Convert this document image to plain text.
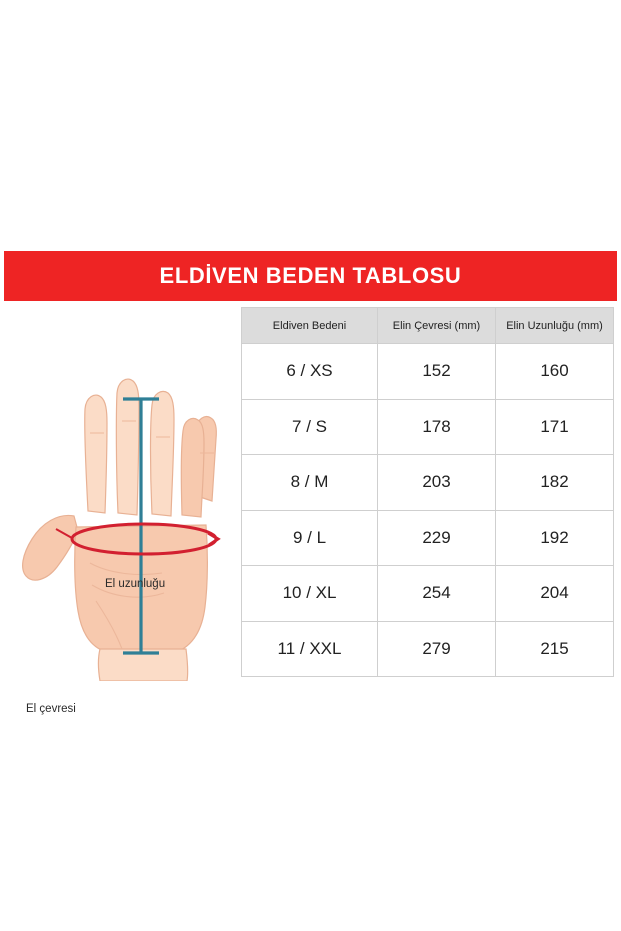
ELDİVEN BEDEN TABLOSU
El uzunluğu
El çevresi
Eldiven Bedeni	Elin Çevresi (mm)	Elin Uzunluğu (mm)
6 / XS	152	160
7 / S	178	171
8 / M	203	182
9 / L	229	192
10 / XL	254	204
11 / XXL	279	215
